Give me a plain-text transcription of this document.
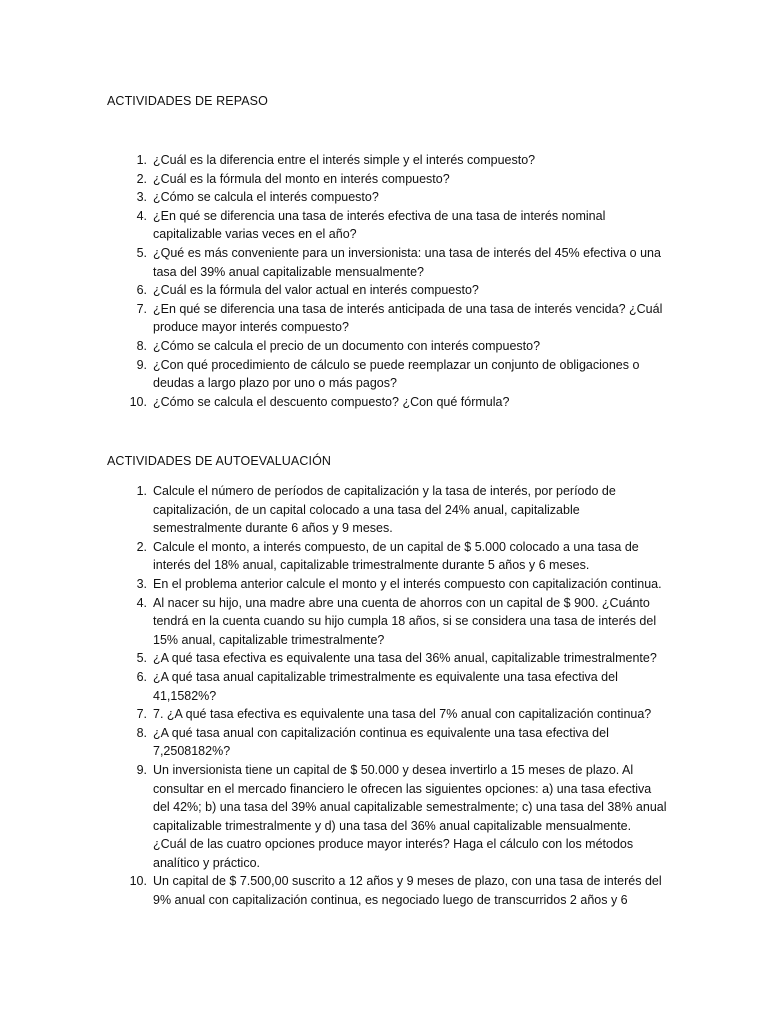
ACTIVIDADES DE REPASO
1. ¿Cuál es la diferencia entre el interés simple y el interés compuesto?
2. ¿Cuál es la fórmula del monto en interés compuesto?
3. ¿Cómo se calcula el interés compuesto?
4. ¿En qué se diferencia una tasa de interés efectiva de una tasa de interés nominal capitalizable varias veces en el año?
5. ¿Qué es más conveniente para un inversionista: una tasa de interés del 45% efectiva o una tasa del 39% anual capitalizable mensualmente?
6. ¿Cuál es la fórmula del valor actual en interés compuesto?
7. ¿En qué se diferencia una tasa de interés anticipada de una tasa de interés vencida? ¿Cuál produce mayor interés compuesto?
8. ¿Cómo se calcula el precio de un documento con interés compuesto?
9. ¿Con qué procedimiento de cálculo se puede reemplazar un conjunto de obligaciones o deudas a largo plazo por uno o más pagos?
10. ¿Cómo se calcula el descuento compuesto? ¿Con qué fórmula?
ACTIVIDADES DE AUTOEVALUACIÓN
1. Calcule el número de períodos de capitalización y la tasa de interés, por período de capitalización, de un capital colocado a una tasa del 24% anual, capitalizable semestralmente durante 6 años y 9 meses.
2. Calcule el monto, a interés compuesto, de un capital de $ 5.000 colocado a una tasa de interés del 18% anual, capitalizable trimestralmente durante 5 años y 6 meses.
3. En el problema anterior calcule el monto y el interés compuesto con capitalización continua.
4. Al nacer su hijo, una madre abre una cuenta de ahorros con un capital de $ 900. ¿Cuánto tendrá en la cuenta cuando su hijo cumpla 18 años, si se considera una tasa de interés del 15% anual, capitalizable trimestralmente?
5. ¿A qué tasa efectiva es equivalente una tasa del 36% anual, capitalizable trimestralmente?
6. ¿A qué tasa anual capitalizable trimestralmente es equivalente una tasa efectiva del 41,1582%?
7. 7. ¿A qué tasa efectiva es equivalente una tasa del 7% anual con capitalización continua?
8. ¿A qué tasa anual con capitalización continua es equivalente una tasa efectiva del 7,2508182%?
9. Un inversionista tiene un capital de $ 50.000 y desea invertirlo a 15 meses de plazo. Al consultar en el mercado financiero le ofrecen las siguientes opciones: a) una tasa efectiva del 42%; b) una tasa del 39% anual capitalizable semestralmente; c) una tasa del 38% anual capitalizable trimestralmente y d) una tasa del 36% anual capitalizable mensualmente. ¿Cuál de las cuatro opciones produce mayor interés? Haga el cálculo con los métodos analítico y práctico.
10. Un capital de $ 7.500,00 suscrito a 12 años y 9 meses de plazo, con una tasa de interés del 9% anual con capitalización continua, es negociado luego de transcurridos 2 años y 6
